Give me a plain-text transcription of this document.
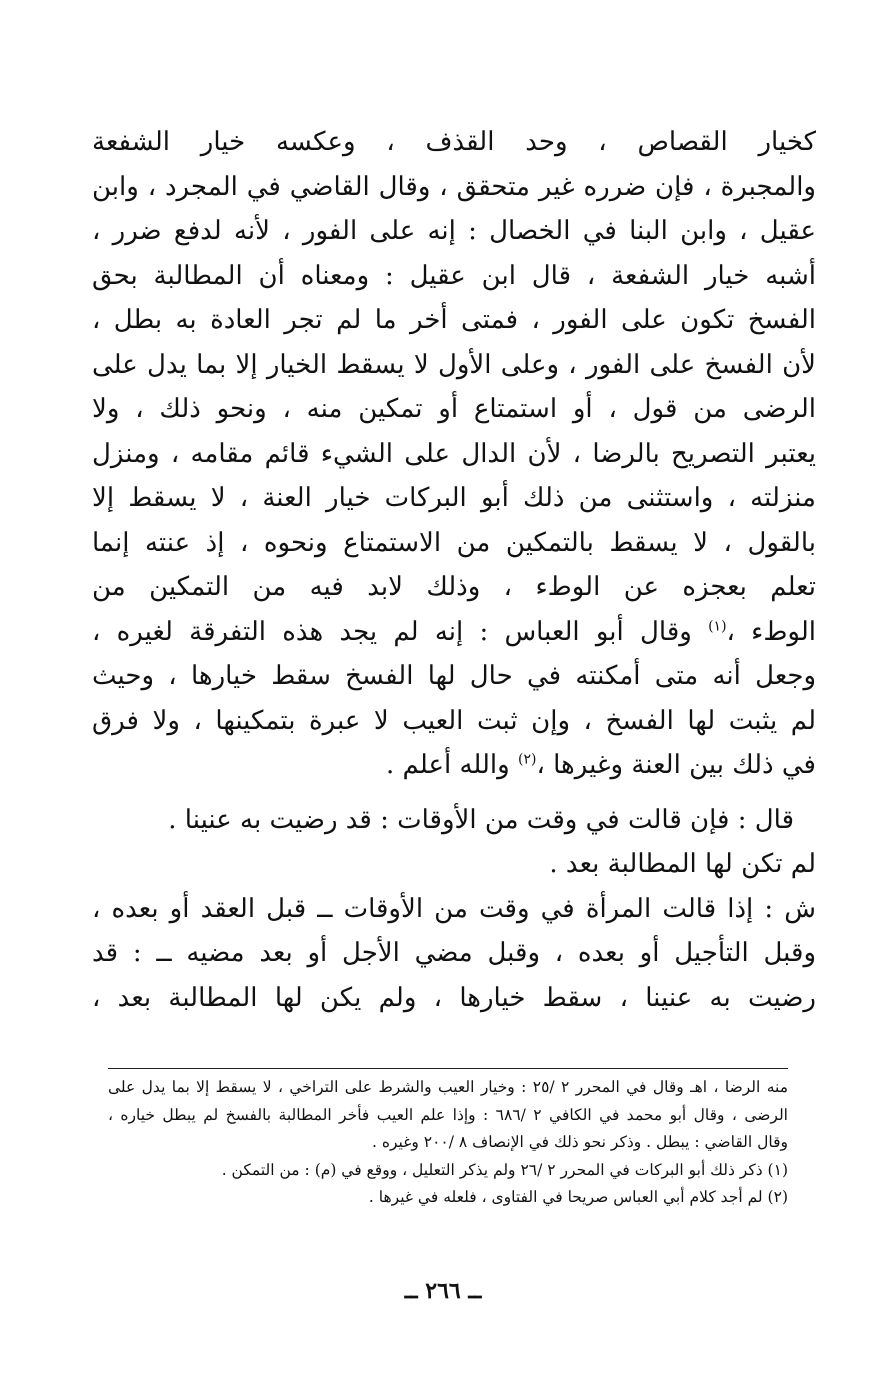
كخيار القصاص ، وحد القذف ، وعكسه خيار الشفعة
والمجبرة ، فإن ضرره غير متحقق ، وقال القاضي في المجرد ، وابن
عقيل ، وابن البنا في الخصال : إنه على الفور ، لأنه لدفع ضرر ،
أشبه خيار الشفعة ، قال ابن عقيل : ومعناه أن المطالبة بحق
الفسخ تكون على الفور ، فمتى أخر ما لم تجر العادة به بطل ،
لأن الفسخ على الفور ، وعلى الأول لا يسقط الخيار إلا بما يدل على
الرضى من قول ، أو استمتاع أو تمكين منه ، ونحو ذلك ، ولا
يعتبر التصريح بالرضا ، لأن الدال على الشيء قائم مقامه ، ومنزل
منزلته ، واستثنى من ذلك أبو البركات خيار العنة ، لا يسقط إلا
بالقول ، لا يسقط بالتمكين من الاستمتاع ونحوه ، إذ عنته إنما
تعلم بعجزه عن الوطء ، وذلك لابد فيه من التمكين من
الوطء ،$^{(١)}$ وقال أبو العباس : إنه لم يجد هذه التفرقة لغيره ،
وجعل أنه متى أمكنته في حال لها الفسخ سقط خيارها ، وحيث
لم يثبت لها الفسخ ، وإن ثبت العيب لا عبرة بتمكينها ، ولا فرق
في ذلك بين العنة وغيرها ،$^{(٢)}$ والله أعلم .
قال : فإن قالت في وقت من الأوقات : قد رضيت به عنينا .
لم تكن لها المطالبة بعد .
ش : إذا قالت المرأة في وقت من الأوقات ــ قبل العقد أو بعده ،
وقبل التأجيل أو بعده ، وقبل مضي الأجل أو بعد مضيه ــ : قد
رضيت به عنينا ، سقط خيارها ، ولم يكن لها المطالبة بعد ،
منه الرضا ، اهـ وقال في المحرر ٢ /٢٥ : وخيار العيب والشرط على التراخي ، لا يسقط إلا بما يدل على
الرضى ، وقال أبو محمد في الكافي ٢ /٦٨٦ : وإذا علم العيب فأخر المطالبة بالفسخ لم يبطل خياره ،
وقال القاضي : يبطل . وذكر نحو ذلك في الإنصاف ٨ /٢٠٠ وغيره .
(١) ذكر ذلك أبو البركات في المحرر ٢ /٢٦ ولم يذكر التعليل ، ووقع في (م) : من التمكن .
(٢) لم أجد كلام أبي العباس صريحا في الفتاوى ، فلعله في غيرها .
ــ ٢٦٦ ــ
